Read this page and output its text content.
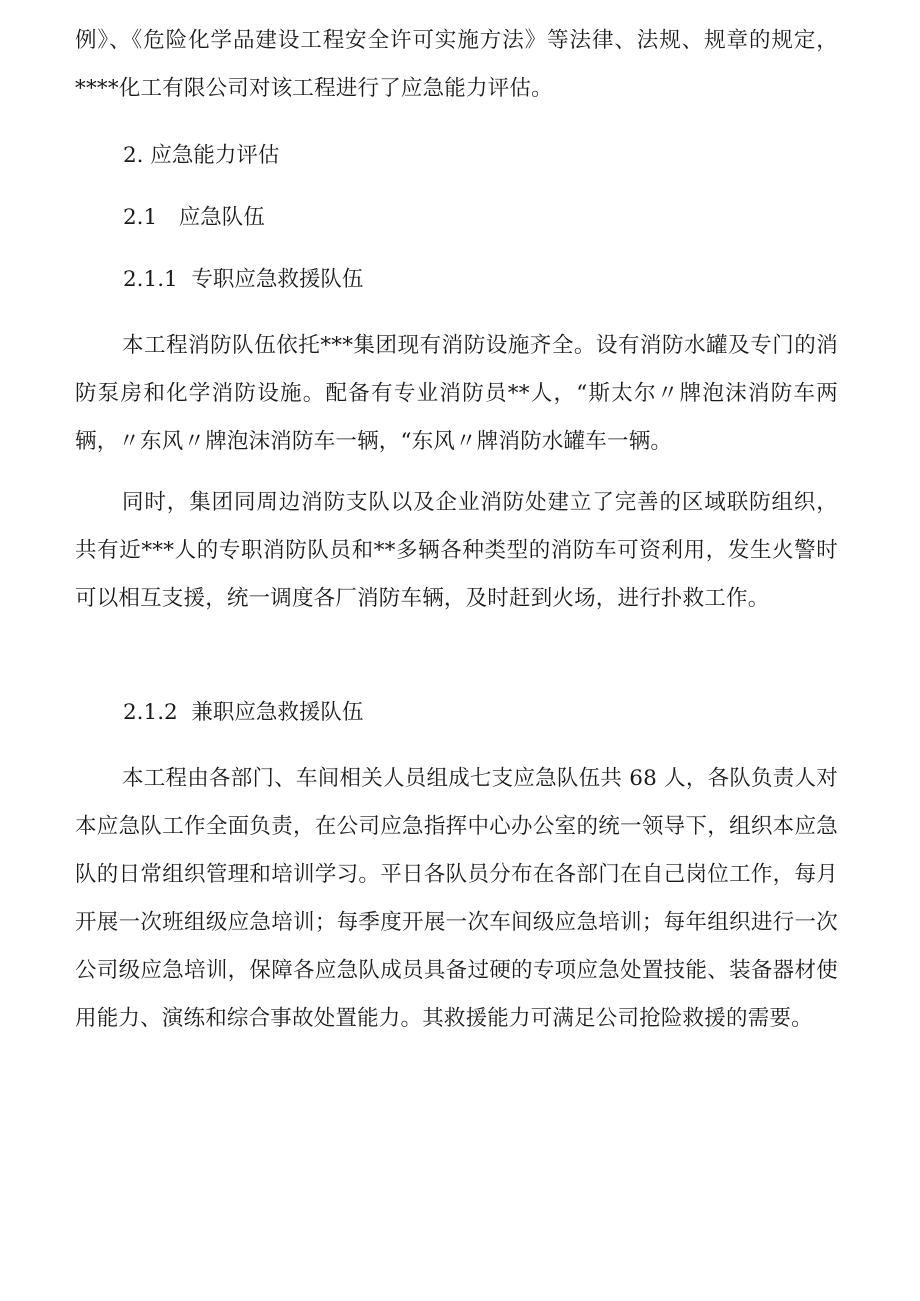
例》、《危险化学品建设工程安全许可实施方法》等法律、法规、规章的规定，****化工有限公司对该工程进行了应急能力评估。

2. 应急能力评估
2.1　应急队伍
2.1.1  专职应急救援队伍

本工程消防队伍依托***集团现有消防设施齐全。设有消防水罐及专门的消防泵房和化学消防设施。配备有专业消防员**人，“斯太尔〃牌泡沫消防车两辆，〃东风〃牌泡沫消防车一辆，“东风〃牌消防水罐车一辆。

同时，集团同周边消防支队以及企业消防处建立了完善的区域联防组织，共有近***人的专职消防队员和**多辆各种类型的消防车可资利用，发生火警时可以相互支援，统一调度各厂消防车辆，及时赶到火场，进行扑救工作。

2.1.2  兼职应急救援队伍

本工程由各部门、车间相关人员组成七支应急队伍共 68 人，各队负责人对本应急队工作全面负责，在公司应急指挥中心办公室的统一领导下，组织本应急队的日常组织管理和培训学习。平日各队员分布在各部门在自己岗位工作，每月开展一次班组级应急培训；每季度开展一次车间级应急培训；每年组织进行一次公司级应急培训，保障各应急队成员具备过硬的专项应急处置技能、装备器材使用能力、演练和综合事故处置能力。其救援能力可满足公司抢险救援的需要。
